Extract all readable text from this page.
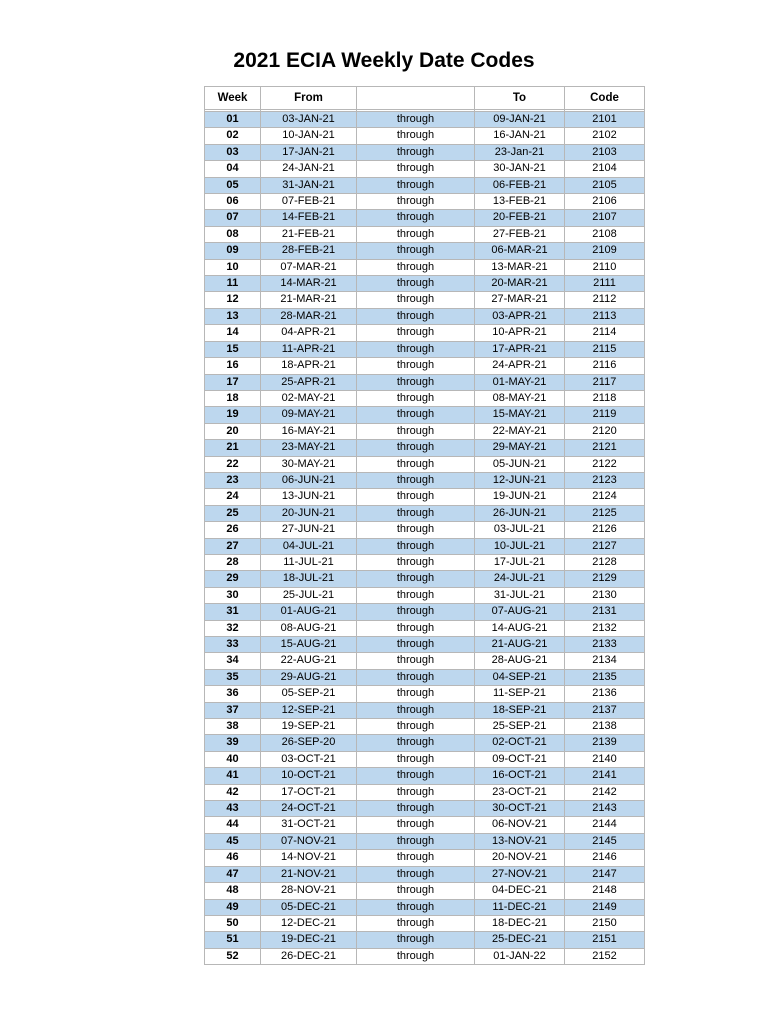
2021 ECIA Weekly Date Codes
Week	From		To	Code

01	03-JAN-21	through	09-JAN-21	2101
02	10-JAN-21	through	16-JAN-21	2102
03	17-JAN-21	through	23-Jan-21	2103
04	24-JAN-21	through	30-JAN-21	2104
05	31-JAN-21	through	06-FEB-21	2105
06	07-FEB-21	through	13-FEB-21	2106
07	14-FEB-21	through	20-FEB-21	2107
08	21-FEB-21	through	27-FEB-21	2108
09	28-FEB-21	through	06-MAR-21	2109
10	07-MAR-21	through	13-MAR-21	2110
11	14-MAR-21	through	20-MAR-21	2111
12	21-MAR-21	through	27-MAR-21	2112
13	28-MAR-21	through	03-APR-21	2113
14	04-APR-21	through	10-APR-21	2114
15	11-APR-21	through	17-APR-21	2115
16	18-APR-21	through	24-APR-21	2116
17	25-APR-21	through	01-MAY-21	2117
18	02-MAY-21	through	08-MAY-21	2118
19	09-MAY-21	through	15-MAY-21	2119
20	16-MAY-21	through	22-MAY-21	2120
21	23-MAY-21	through	29-MAY-21	2121
22	30-MAY-21	through	05-JUN-21	2122
23	06-JUN-21	through	12-JUN-21	2123
24	13-JUN-21	through	19-JUN-21	2124
25	20-JUN-21	through	26-JUN-21	2125
26	27-JUN-21	through	03-JUL-21	2126
27	04-JUL-21	through	10-JUL-21	2127
28	11-JUL-21	through	17-JUL-21	2128
29	18-JUL-21	through	24-JUL-21	2129
30	25-JUL-21	through	31-JUL-21	2130
31	01-AUG-21	through	07-AUG-21	2131
32	08-AUG-21	through	14-AUG-21	2132
33	15-AUG-21	through	21-AUG-21	2133
34	22-AUG-21	through	28-AUG-21	2134
35	29-AUG-21	through	04-SEP-21	2135
36	05-SEP-21	through	11-SEP-21	2136
37	12-SEP-21	through	18-SEP-21	2137
38	19-SEP-21	through	25-SEP-21	2138
39	26-SEP-20	through	02-OCT-21	2139
40	03-OCT-21	through	09-OCT-21	2140
41	10-OCT-21	through	16-OCT-21	2141
42	17-OCT-21	through	23-OCT-21	2142
43	24-OCT-21	through	30-OCT-21	2143
44	31-OCT-21	through	06-NOV-21	2144
45	07-NOV-21	through	13-NOV-21	2145
46	14-NOV-21	through	20-NOV-21	2146
47	21-NOV-21	through	27-NOV-21	2147
48	28-NOV-21	through	04-DEC-21	2148
49	05-DEC-21	through	11-DEC-21	2149
50	12-DEC-21	through	18-DEC-21	2150
51	19-DEC-21	through	25-DEC-21	2151
52	26-DEC-21	through	01-JAN-22	2152
